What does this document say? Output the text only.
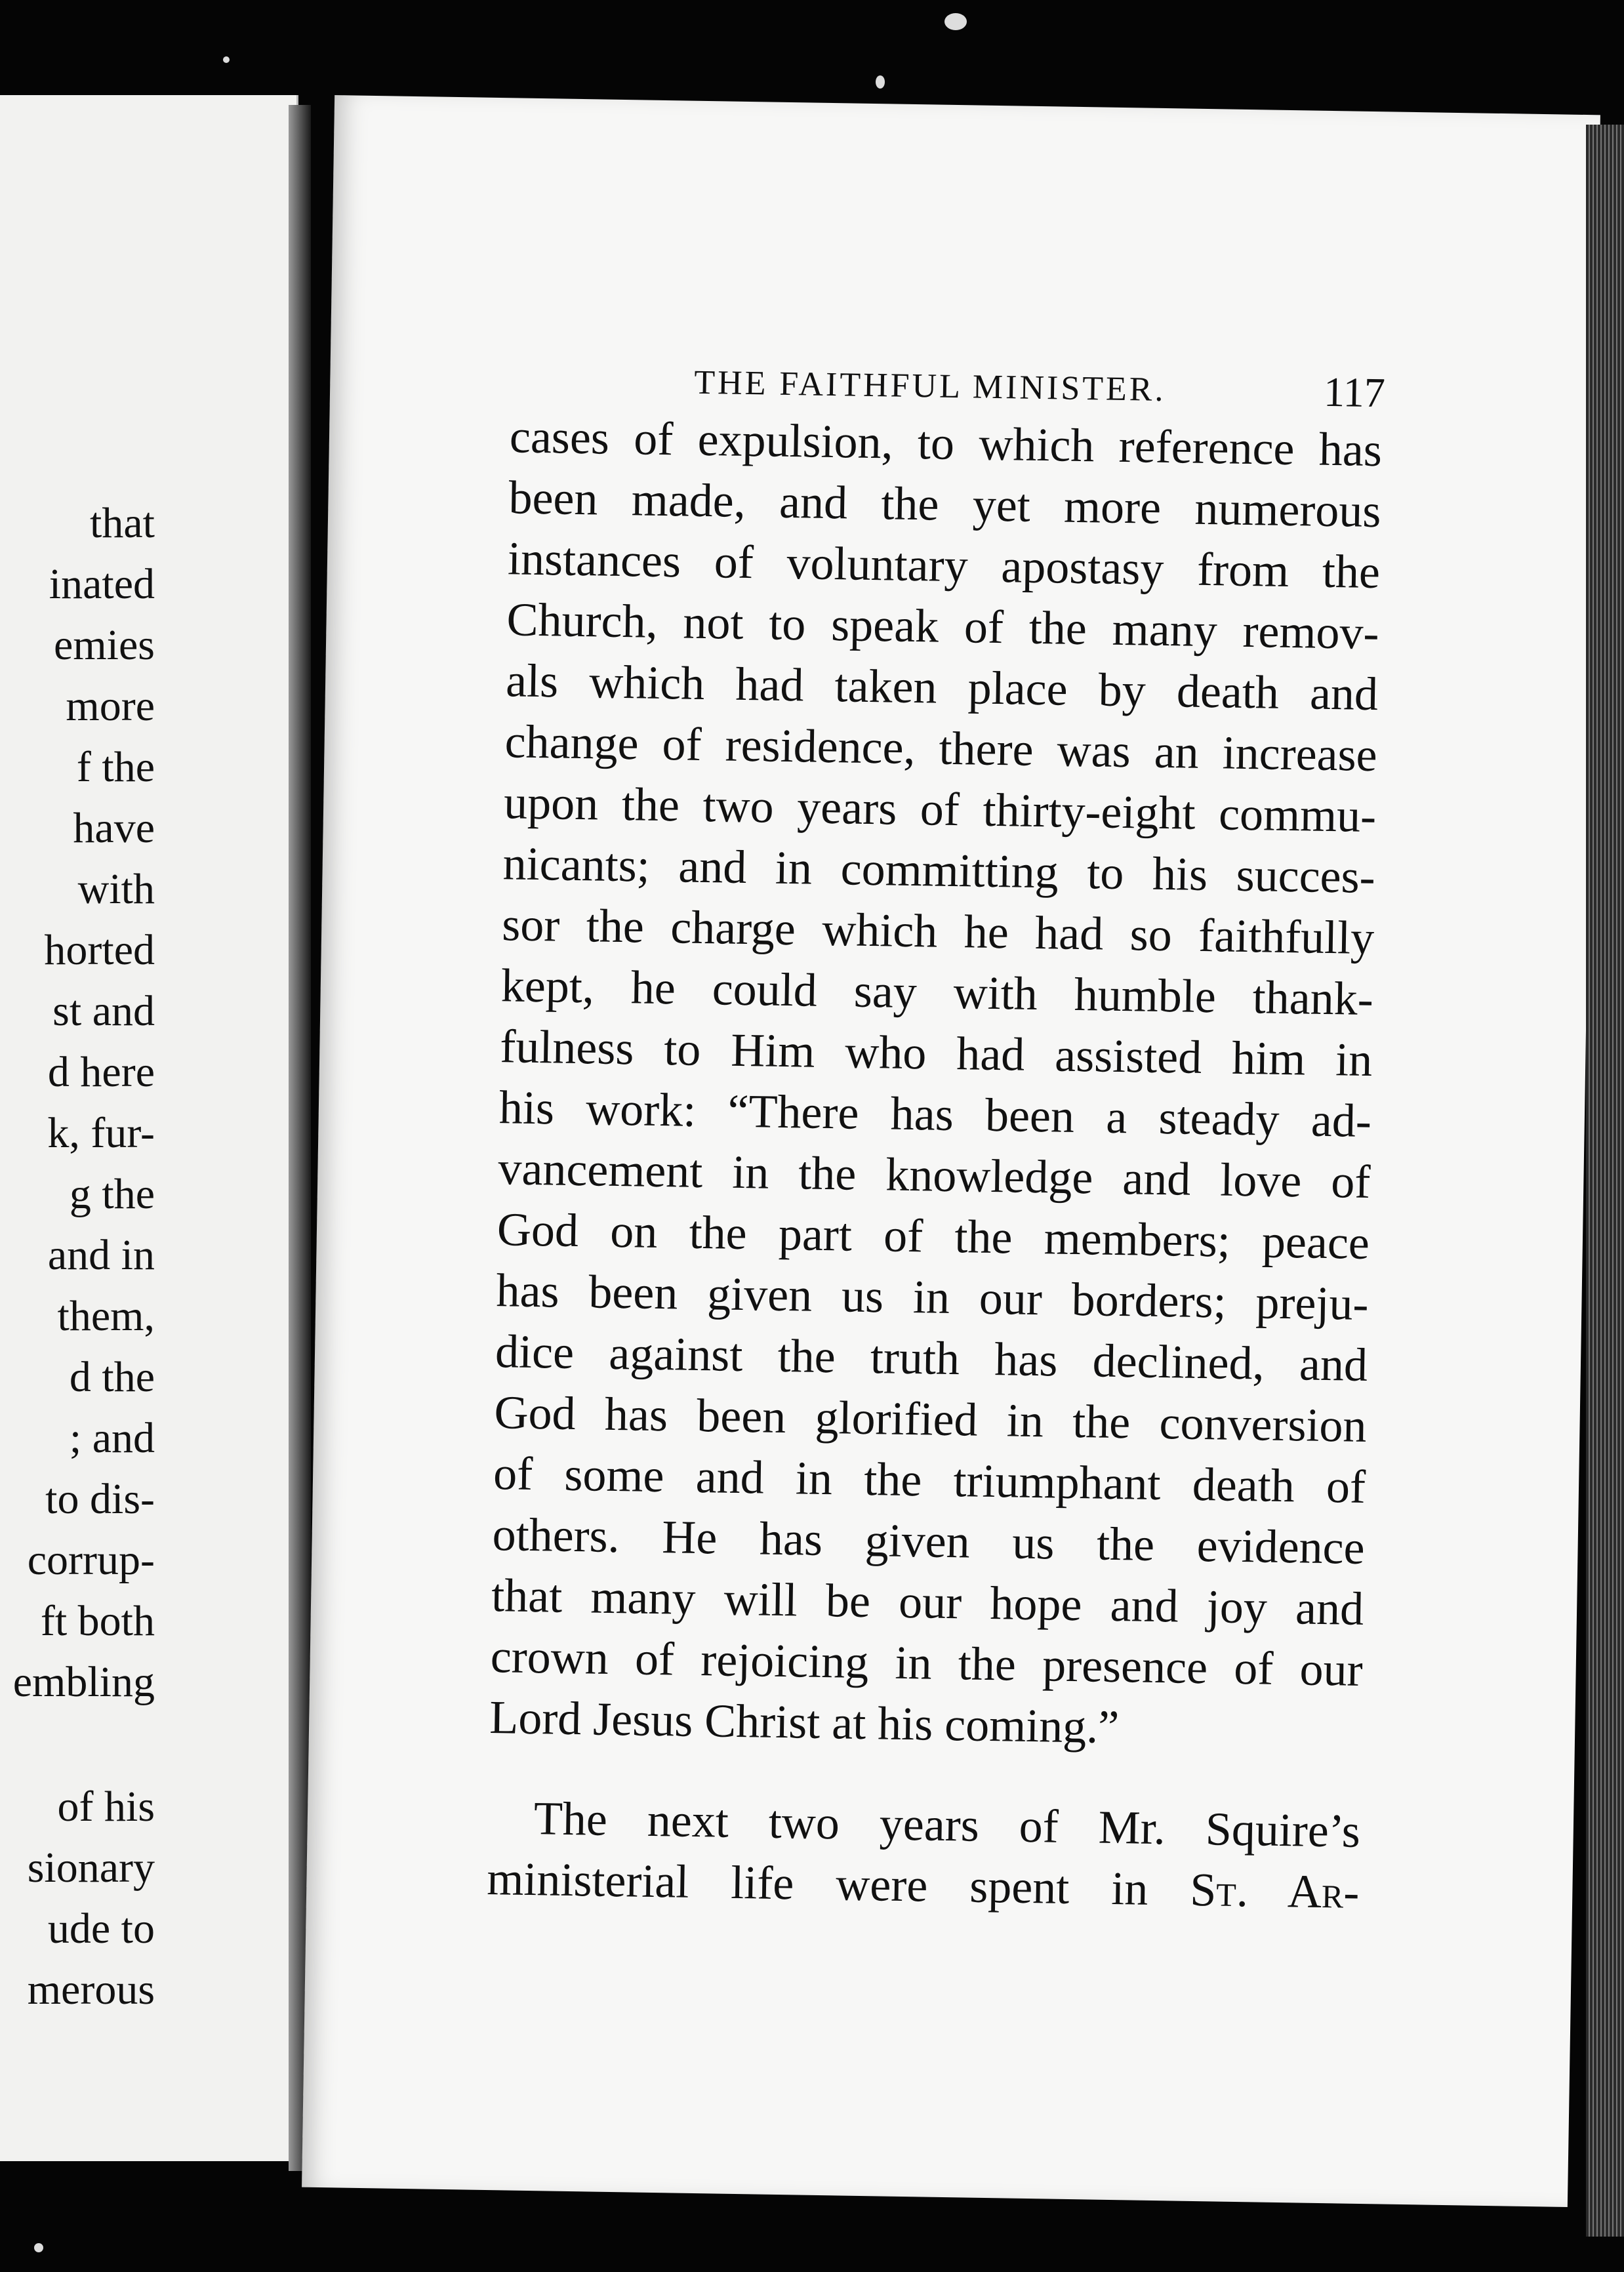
that
inated
emies
more
f the
have
with
horted
st and
d here
k, fur-
g the
and in
them,
d the
; and
to dis-
corrup-
ft both
embling
of his
sionary
ude to
merous
THE FAITHFUL MINISTER.	117
cases of expulsion, to which reference has
been made, and the yet more numerous
instances of voluntary apostasy from the
Church, not to speak of the many remov-
als which had taken place by death and
change of residence, there was an increase
upon the two years of thirty-eight commu-
nicants; and in committing to his succes-
sor the charge which he had so faithfully
kept, he could say with humble thank-
fulness to Him who had assisted him in
his work: “There has been a steady ad-
vancement in the knowledge and love of
God on the part of the members; peace
has been given us in our borders; preju-
dice against the truth has declined, and
God has been glorified in the conversion
of some and in the triumphant death of
others. He has given us the evidence
that many will be our hope and joy and
crown of rejoicing in the presence of our
Lord Jesus Christ at his coming.”
The next two years of Mr. Squire’s
ministerial life were spent in St. Ar-
